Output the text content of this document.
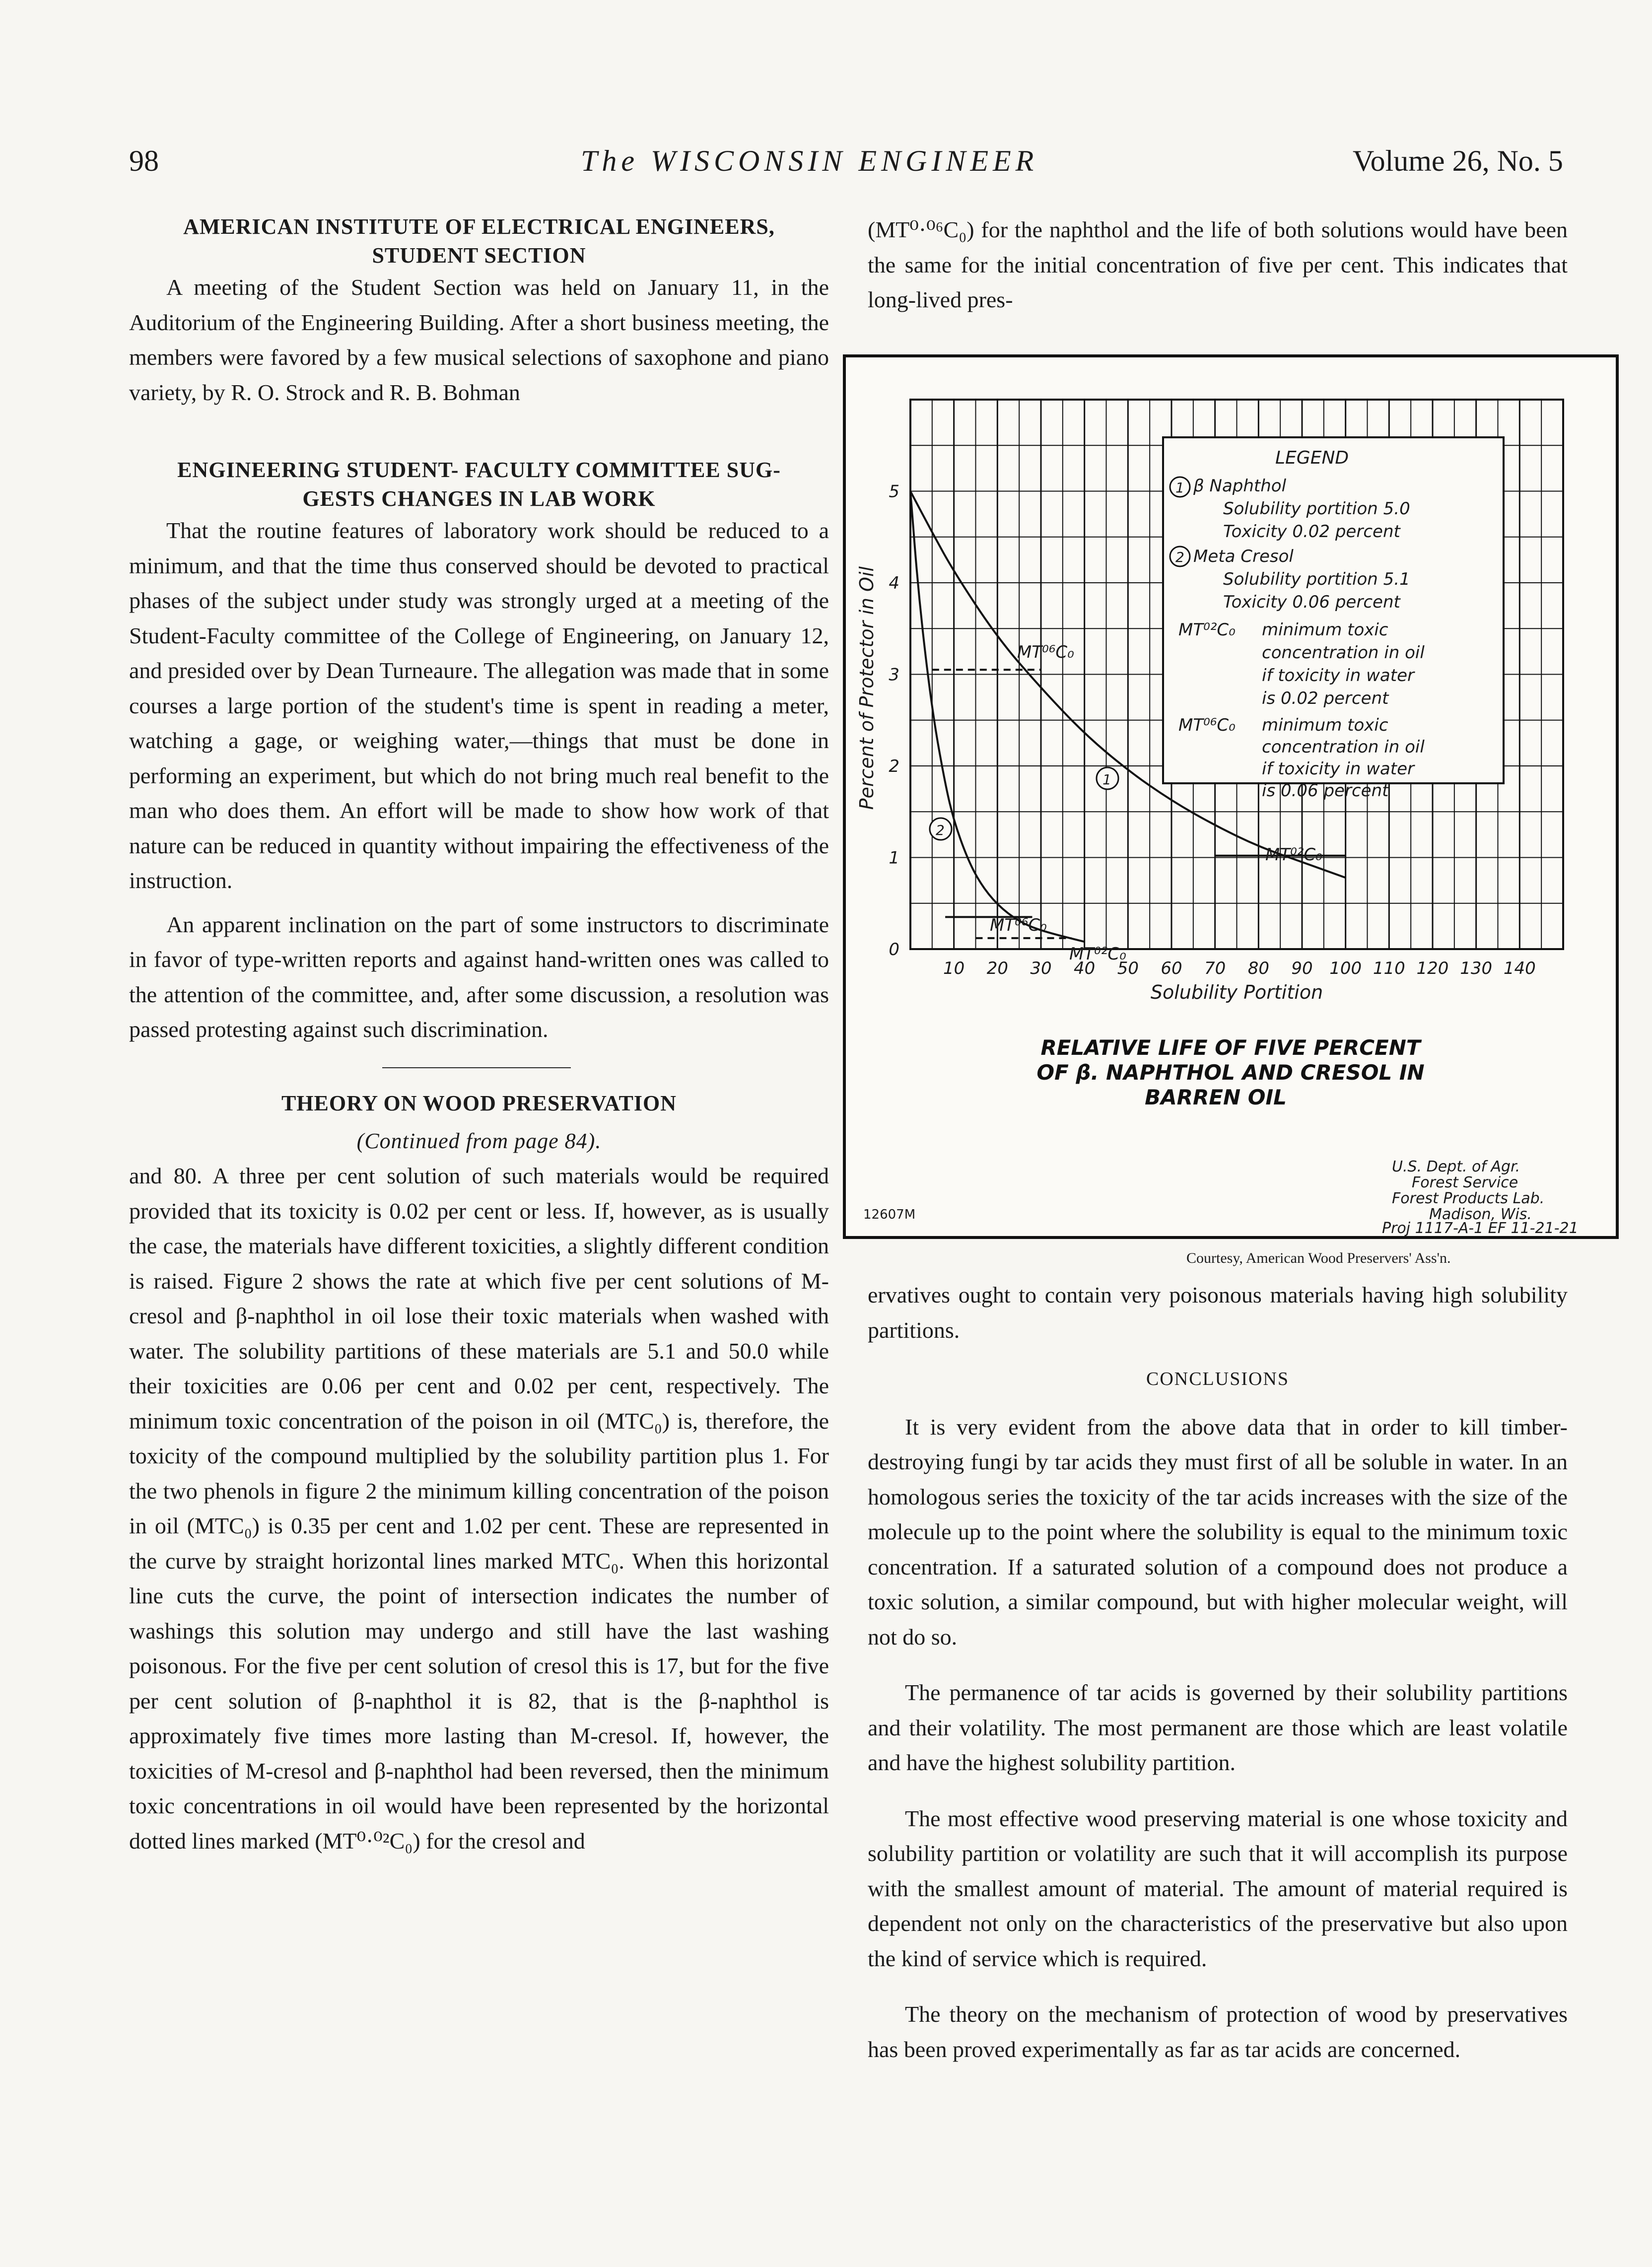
98	The WISCONSIN ENGINEER	Volume 26, No. 5
AMERICAN INSTITUTE OF ELECTRICAL ENGINEERS,
STUDENT SECTION

A meeting of the Student Section was held on January 11, in the Auditorium of the Engineering Building. After a short business meeting, the members were favored by a few musical selections of saxophone and piano variety, by R. O. Strock and R. B. Bohman

ENGINEERING STUDENT- FACULTY COMMITTEE SUG-
GESTS CHANGES IN LAB WORK

That the routine features of laboratory work should be reduced to a minimum, and that the time thus conserved should be devoted to practical phases of the subject under study was strongly urged at a meeting of the Student-Faculty committee of the College of Engineering, on January 12, and presided over by Dean Turneaure. The allegation was made that in some courses a large portion of the student's time is spent in reading a meter, watching a gage, or weighing water,—things that must be done in performing an experiment, but which do not bring much real benefit to the man who does them. An effort will be made to show how work of that nature can be reduced in quantity without impairing the effectiveness of the instruction.

An apparent inclination on the part of some instructors to discriminate in favor of type-written reports and against hand-written ones was called to the attention of the committee, and, after some discussion, a resolution was passed protesting against such discrimination.

THEORY ON WOOD PRESERVATION
(Continued from page 84).

and 80. A three per cent solution of such materials would be required provided that its toxicity is 0.02 per cent or less. If, however, as is usually the case, the materials have different toxicities, a slightly different condition is raised. Figure 2 shows the rate at which five per cent solutions of M-cresol and β-naphthol in oil lose their toxic materials when washed with water. The solubility partitions of these materials are 5.1 and 50.0 while their toxicities are 0.06 per cent and 0.02 per cent, respectively. The minimum toxic concentration of the poison in oil (MTC₀) is, therefore, the toxicity of the compound multiplied by the solubility partition plus 1. For the two phenols in figure 2 the minimum killing concentration of the poison in oil (MTC₀) is 0.35 per cent and 1.02 per cent. These are represented in the curve by straight horizontal lines marked MTC₀. When this horizontal line cuts the curve, the point of intersection indicates the number of washings this solution may undergo and still have the last washing poisonous. For the five per cent solution of cresol this is 17, but for the five per cent solution of β-naphthol it is 82, that is the β-naphthol is approximately five times more lasting than M-cresol. If, however, the toxicities of M-cresol and β-naphthol had been reversed, then the minimum toxic concentrations in oil would have been represented by the horizontal dotted lines marked (MT⁰·⁰²C₀) for the cresol and

(MT⁰·⁰⁶C₀) for the naphthol and the life of both solutions would have been the same for the initial concentration of five per cent. This indicates that long-lived pres-

10 20 30 40 50 60 70 80 90 100 110 120 130 140
0
1
2
3
4
5
Solubility Portition
Percent of Protector in Oil
LEGEND
1 β Naphthol
Solubility portition 5.0
Toxicity 0.02 percent
2 Meta Cresol
Solubility portition 5.1
Toxicity 0.06 percent
MT⁰²C₀ minimum toxic
concentration in oil
if toxicity in water
is 0.02 percent
MT⁰⁶C₀ minimum toxic
concentration in oil
if toxicity in water
is 0.06 percent
MT⁰⁶C₀
MT⁰²C₀
MT⁰⁶C₀
MT⁰²C₀
1
2
RELATIVE LIFE OF FIVE PERCENT
OF β. NAPHTHOL AND CRESOL IN
BARREN OIL
U.S. Dept. of Agr.
Forest Service
Forest Products Lab.
Madison, Wis.
Proj 1117-A-1 EF 11-21-21
12607M
Courtesy, American Wood Preservers' Ass'n.

ervatives ought to contain very poisonous materials having high solubility partitions.

CONCLUSIONS

It is very evident from the above data that in order to kill timber-destroying fungi by tar acids they must first of all be soluble in water. In an homologous series the toxicity of the tar acids increases with the size of the molecule up to the point where the solubility is equal to the minimum toxic concentration. If a saturated solution of a compound does not produce a toxic solution, a similar compound, but with higher molecular weight, will not do so.

The permanence of tar acids is governed by their solubility partitions and their volatility. The most permanent are those which are least volatile and have the highest solubility partition.

The most effective wood preserving material is one whose toxicity and solubility partition or volatility are such that it will accomplish its purpose with the smallest amount of material. The amount of material required is dependent not only on the characteristics of the preservative but also upon the kind of service which is required.

The theory on the mechanism of protection of wood by preservatives has been proved experimentally as far as tar acids are concerned.
